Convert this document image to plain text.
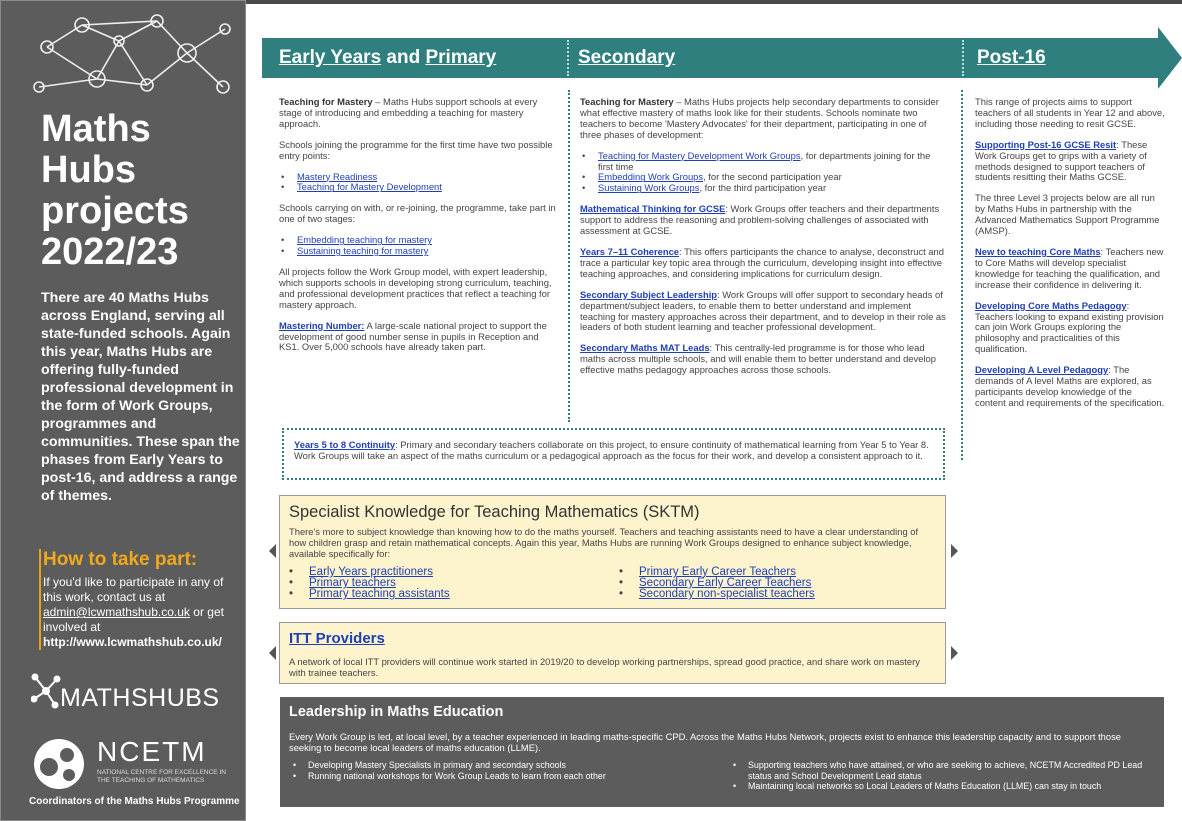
Maths Hubs projects 2022/23
There are 40 Maths Hubs across England, serving all state-funded schools. Again this year, Maths Hubs are offering fully-funded professional development in the form of Work Groups, programmes and communities. These span the phases from Early Years to post-16, and address a range of themes.
How to take part:
If you'd like to participate in any of this work, contact us at admin@lcwmathshub.co.uk or get involved at http://www.lcwmathshub.co.uk/
MATHSHUBS
NCETM
NATIONAL CENTRE FOR EXCELLENCE IN THE TEACHING OF MATHEMATICS
Coordinators of the Maths Hubs Programme
Early Years and Primary	Secondary	Post-16

Teaching for Mastery – Maths Hubs support schools at every stage of introducing and embedding a teaching for mastery approach.

Schools joining the programme for the first time have two possible entry points:

• Mastery Readiness
• Teaching for Mastery Development

Schools carrying on with, or re-joining, the programme, take part in one of two stages:

• Embedding teaching for mastery
• Sustaining teaching for mastery

All projects follow the Work Group model, with expert leadership, which supports schools in developing strong curriculum, teaching, and professional development practices that reflect a teaching for mastery approach.

Mastering Number: A large-scale national project to support the development of good number sense in pupils in Reception and KS1. Over 5,000 schools have already taken part.

Teaching for Mastery – Maths Hubs projects help secondary departments to consider what effective mastery of maths look like for their students. Schools nominate two teachers to become 'Mastery Advocates' for their department, participating in one of three phases of development:

• Teaching for Mastery Development Work Groups, for departments joining for the first time
• Embedding Work Groups, for the second participation year
• Sustaining Work Groups, for the third participation year

Mathematical Thinking for GCSE: Work Groups offer teachers and their departments support to address the reasoning and problem-solving challenges of associated with assessment at GCSE.

Years 7–11 Coherence: This offers participants the chance to analyse, deconstruct and trace a particular key topic area through the curriculum, developing insight into effective teaching approaches, and considering implications for curriculum design.

Secondary Subject Leadership: Work Groups will offer support to secondary heads of department/subject leaders, to enable them to better understand and implement teaching for mastery approaches across their department, and to develop in their role as leaders of both student learning and teacher professional development.

Secondary Maths MAT Leads: This centrally-led programme is for those who lead maths across multiple schools, and will enable them to better understand and develop effective maths pedagogy approaches across those schools.

This range of projects aims to support teachers of all students in Year 12 and above, including those needing to resit GCSE.

Supporting Post-16 GCSE Resit: These Work Groups get to grips with a variety of methods designed to support teachers of students resitting their Maths GCSE.

The three Level 3 projects below are all run by Maths Hubs in partnership with the Advanced Mathematics Support Programme (AMSP).

New to teaching Core Maths: Teachers new to Core Maths will develop specialist knowledge for teaching the qualification, and increase their confidence in delivering it.

Developing Core Maths Pedagogy: Teachers looking to expand existing provision can join Work Groups exploring the philosophy and practicalities of this qualification.

Developing A Level Pedagogy: The demands of A level Maths are explored, as participants develop knowledge of the content and requirements of the specification.

Years 5 to 8 Continuity: Primary and secondary teachers collaborate on this project, to ensure continuity of mathematical learning from Year 5 to Year 8. Work Groups will take an aspect of the maths curriculum or a pedagogical approach as the focus for their work, and develop a consistent approach to it.
Specialist Knowledge for Teaching Mathematics (SKTM)
There's more to subject knowledge than knowing how to do the maths yourself. Teachers and teaching assistants need to have a clear understanding of how children grasp and retain mathematical concepts. Again this year, Maths Hubs are running Work Groups designed to enhance subject knowledge, available specifically for:
• Early Years practitioners
• Primary teachers
• Primary teaching assistants
• Primary Early Career Teachers
• Secondary Early Career Teachers
• Secondary non-specialist teachers
ITT Providers
A network of local ITT providers will continue work started in 2019/20 to develop working partnerships, spread good practice, and share work on mastery with trainee teachers.
Leadership in Maths Education
Every Work Group is led, at local level, by a teacher experienced in leading maths-specific CPD. Across the Maths Hubs Network, projects exist to enhance this leadership capacity and to support those seeking to become local leaders of maths education (LLME).
• Developing Mastery Specialists in primary and secondary schools
• Running national workshops for Work Group Leads to learn from each other
• Supporting teachers who have attained, or who are seeking to achieve, NCETM Accredited PD Lead status and School Development Lead status
• Maintaining local networks so Local Leaders of Maths Education (LLME) can stay in touch
